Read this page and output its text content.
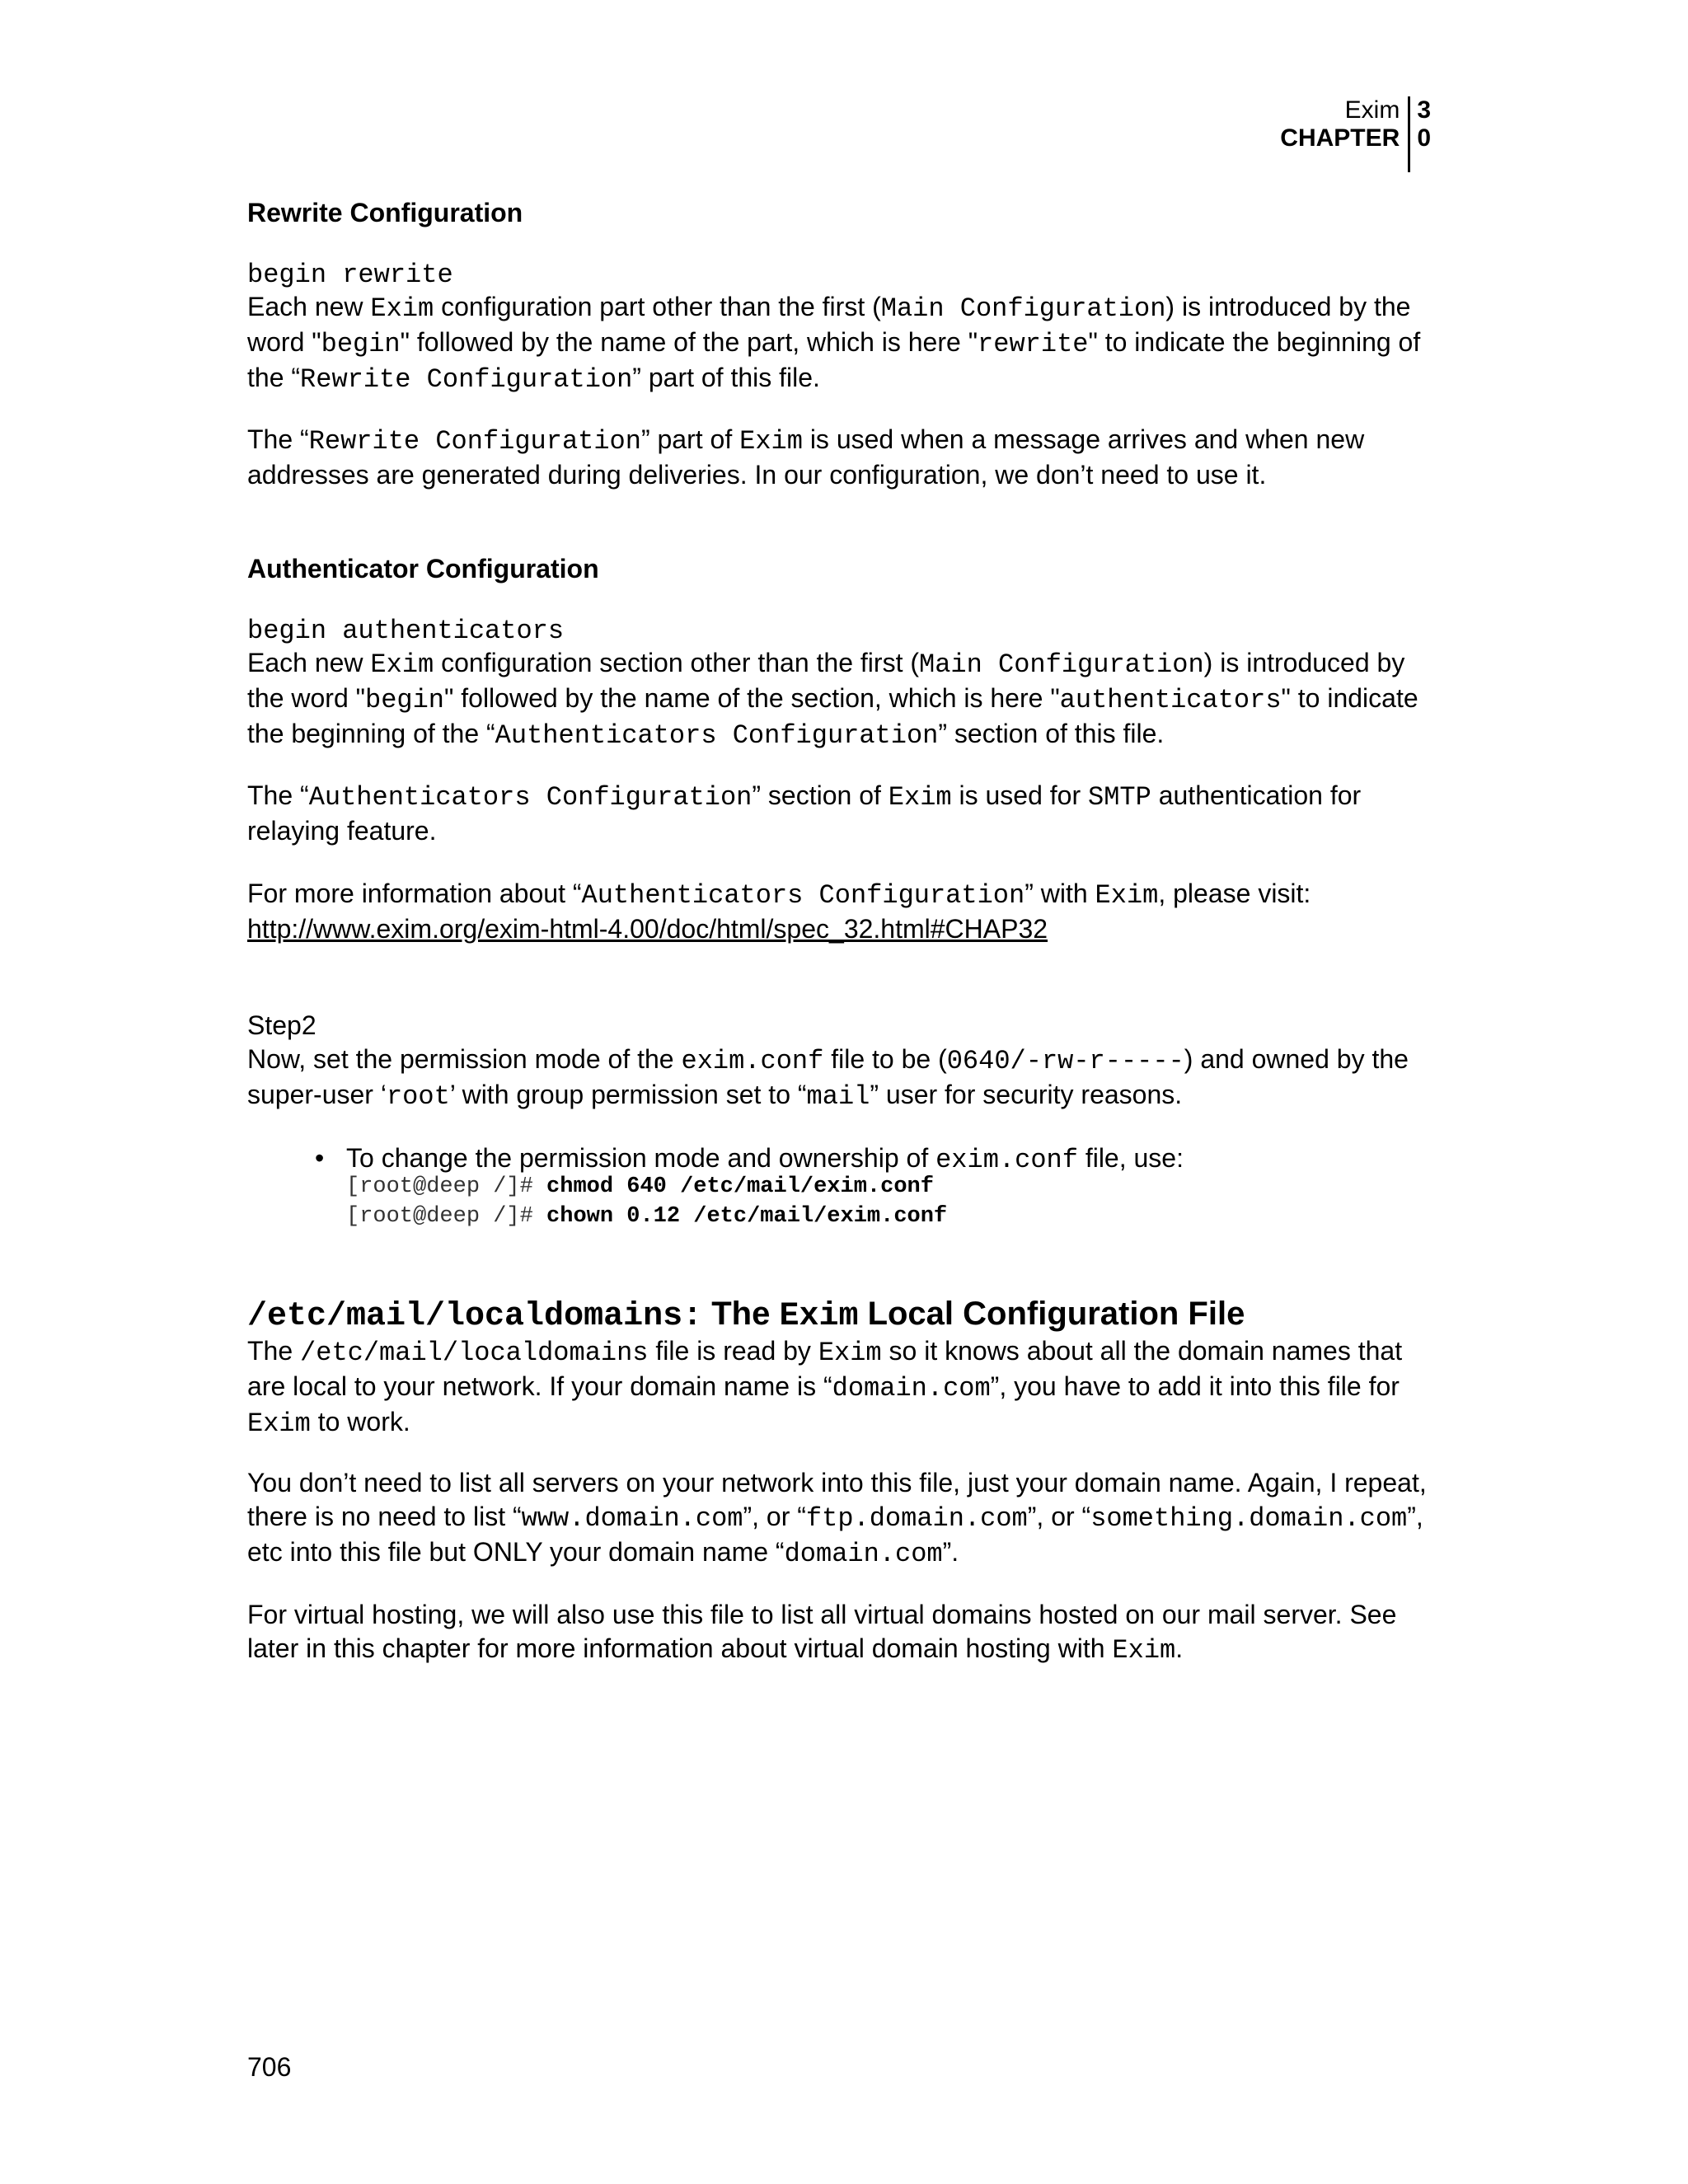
Exim
CHAPTER
3
0
Rewrite Configuration
begin rewrite
Each new Exim configuration part other than the first (Main Configuration) is introduced by the word "begin" followed by the name of the part, which is here "rewrite" to indicate the beginning of the “Rewrite Configuration” part of this file.
The “Rewrite Configuration” part of Exim is used when a message arrives and when new addresses are generated during deliveries. In our configuration, we don’t need to use it.
Authenticator Configuration
begin authenticators
Each new Exim configuration section other than the first (Main Configuration) is introduced by the word "begin" followed by the name of the section, which is here "authenticators" to indicate the beginning of the “Authenticators Configuration” section of this file.
The “Authenticators Configuration” section of Exim is used for SMTP authentication for relaying feature.
For more information about “Authenticators Configuration” with Exim, please visit:
http://www.exim.org/exim-html-4.00/doc/html/spec_32.html#CHAP32
Step2
Now, set the permission mode of the exim.conf file to be (0640/-rw-r-----) and owned by the super-user ‘root’ with group permission set to “mail” user for security reasons.
• To change the permission mode and ownership of exim.conf file, use:
[root@deep /]# chmod 640 /etc/mail/exim.conf
[root@deep /]# chown 0.12 /etc/mail/exim.conf
/etc/mail/localdomains: The Exim Local Configuration File
The /etc/mail/localdomains file is read by Exim so it knows about all the domain names that are local to your network. If your domain name is “domain.com”, you have to add it into this file for Exim to work.
You don’t need to list all servers on your network into this file, just your domain name. Again, I repeat, there is no need to list “www.domain.com”, or “ftp.domain.com”, or “something.domain.com”, etc into this file but ONLY your domain name “domain.com”.
For virtual hosting, we will also use this file to list all virtual domains hosted on our mail server. See later in this chapter for more information about virtual domain hosting with Exim.
706
